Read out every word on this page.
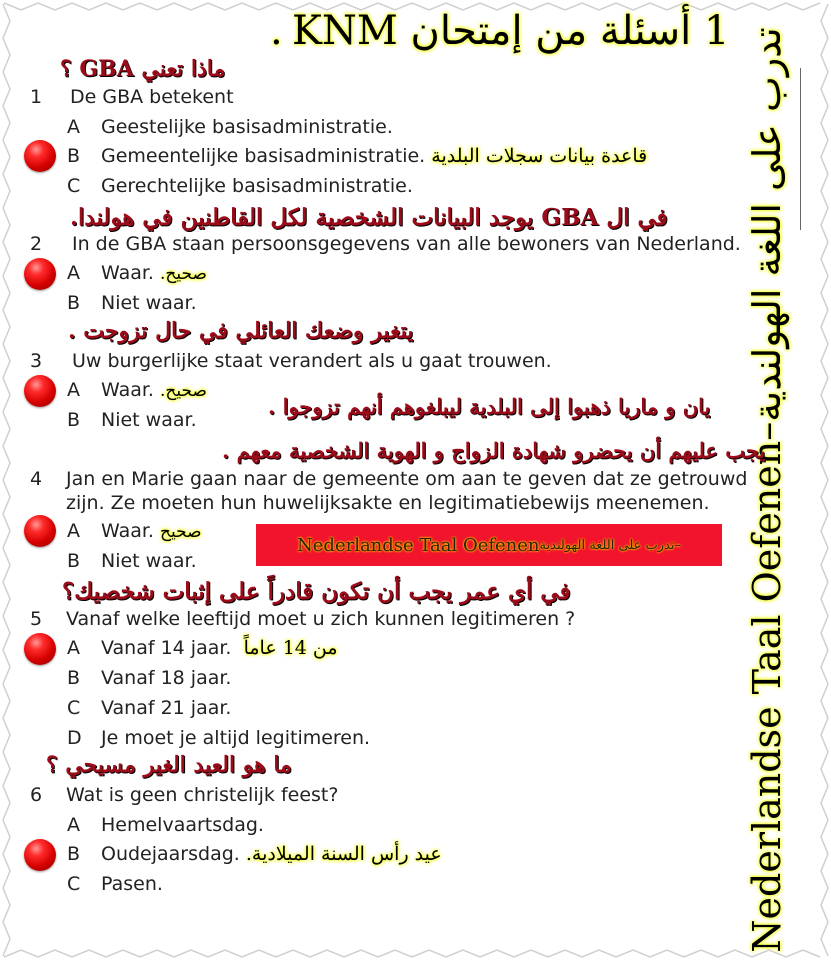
. 1 أسئلة من إمتحان KNM
Nederlandse Taal Oefenen–تدرب على اللغة الهولندية
ماذا تعني GBA ؟
1 De GBA betekent
A Geestelijke basisadministratie.
B Gemeentelijke basisadministratie. قاعدة بيانات سجلات البلدية
C Gerechtelijke basisadministratie.
في ال GBA يوجد البيانات الشخصية لكل القاطنين في هولندا.
2 In de GBA staan persoonsgegevens van alle bewoners van Nederland.
A Waar. صحيح.
B Niet waar.
يتغير وضعك العائلي في حال تزوجت .
3 Uw burgerlijke staat verandert als u gaat trouwen.
A Waar. صحيح.
B Niet waar.
يان و ماريا ذهبوا إلى البلدية ليبلغوهم أنهم تزوجوا .
يجب عليهم أن يحضرو شهادة الزواج و الهوية الشخصية معهم .
4 Jan en Marie gaan naar de gemeente om aan te geven dat ze getrouwd
zijn. Ze moeten hun huwelijksakte en legitimatiebewijs meenemen.
A Waar. صحيح
B Niet waar.
Nederlandse Taal Oefenen –تدرب على اللغة الهولندية
في أي عمر يجب أن تكون قادراً على إثبات شخصيك؟
5 Vanaf welke leeftijd moet u zich kunnen legitimeren ?
A Vanaf 14 jaar. من 14 عاماً
B Vanaf 18 jaar.
C Vanaf 21 jaar.
D Je moet je altijd legitimeren.
ما هو العيد الغير مسيحي ؟
6 Wat is geen christelijk feest?
A Hemelvaartsdag.
B Oudejaarsdag. عيد رأس السنة الميلادية.
C Pasen.
